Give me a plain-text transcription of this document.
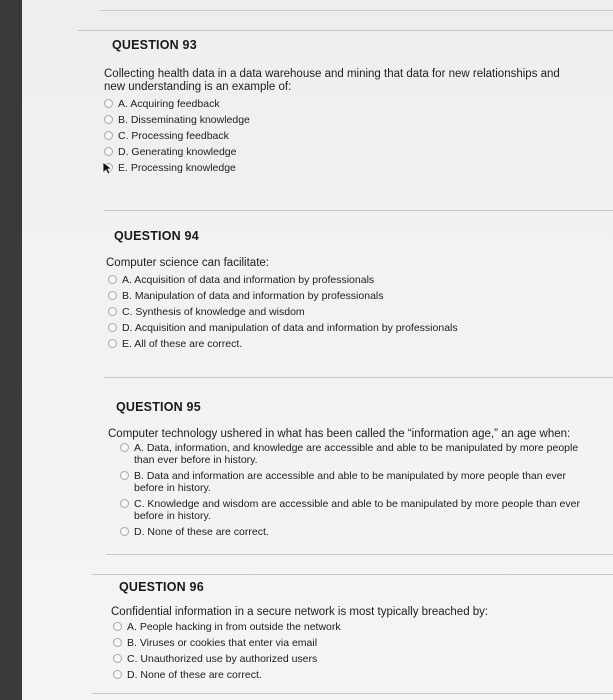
QUESTION 93
Collecting health data in a data warehouse and mining that data for new relationships and new understanding is an example of:
A. Acquiring feedback
B. Disseminating knowledge
C. Processing feedback
D. Generating knowledge
E. Processing knowledge
QUESTION 94
Computer science can facilitate:
A. Acquisition of data and information by professionals
B. Manipulation of data and information by professionals
C. Synthesis of knowledge and wisdom
D. Acquisition and manipulation of data and information by professionals
E. All of these are correct.
QUESTION 95
Computer technology ushered in what has been called the “information age,” an age when:
A. Data, information, and knowledge are accessible and able to be manipulated by more people than ever before in history.
B. Data and information are accessible and able to be manipulated by more people than ever before in history.
C. Knowledge and wisdom are accessible and able to be manipulated by more people than ever before in history.
D. None of these are correct.
QUESTION 96
Confidential information in a secure network is most typically breached by:
A. People hacking in from outside the network
B. Viruses or cookies that enter via email
C. Unauthorized use by authorized users
D. None of these are correct.
